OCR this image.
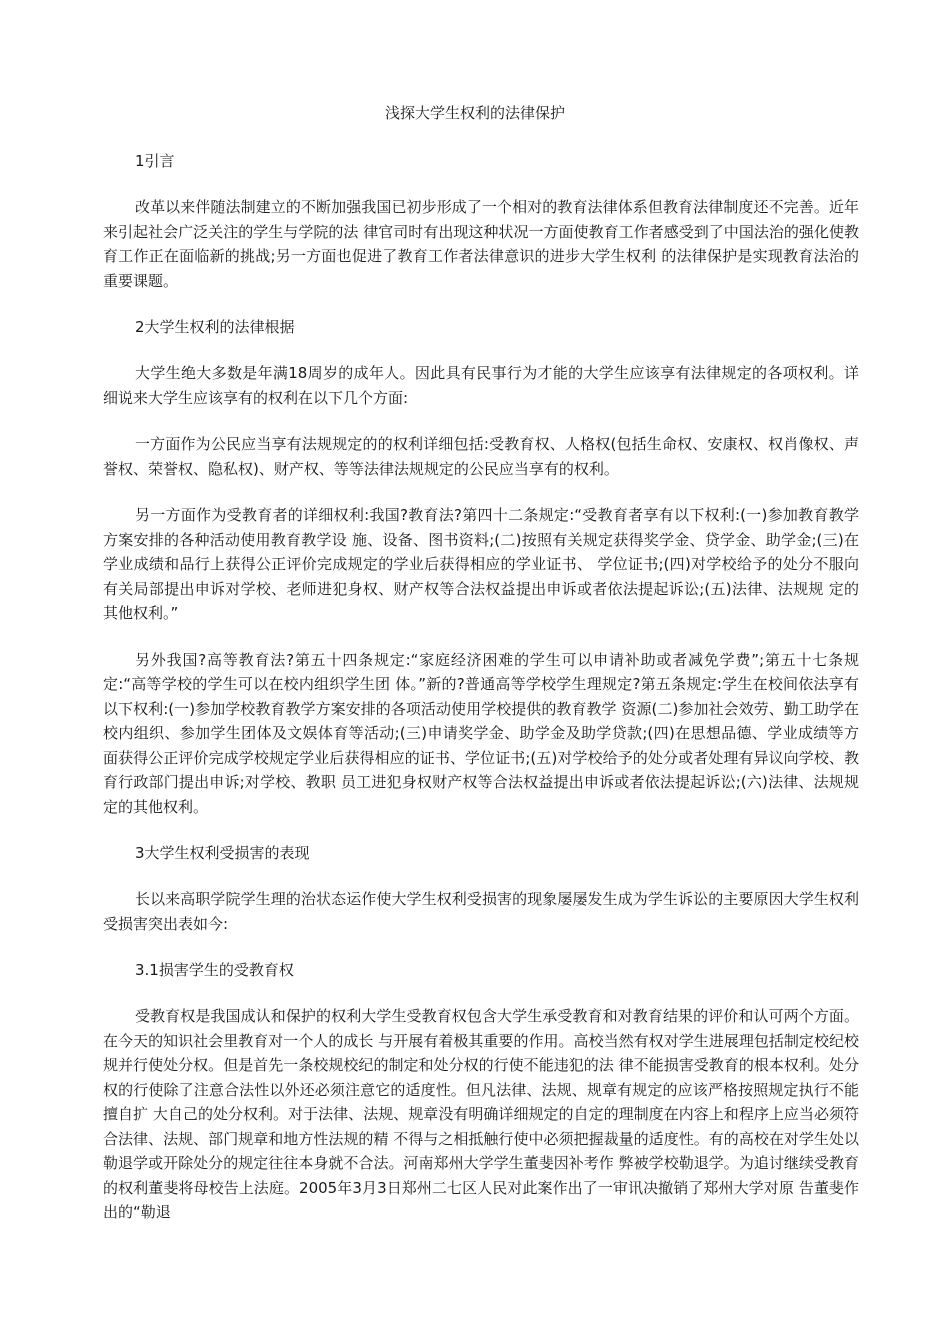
浅探大学生权利的法律保护

1引言

改革以来伴随法制建立的不断加强我国已初步形成了一个相对的教育法律体系但教育法律制度还不完善。近年来引起社会广泛关注的学生与学院的法 律官司时有出现这种状况一方面使教育工作者感受到了中国法治的强化使教育工作正在面临新的挑战;另一方面也促进了教育工作者法律意识的进步大学生权利 的法律保护是实现教育法治的重要课题。

2大学生权利的法律根据

大学生绝大多数是年满18周岁的成年人。因此具有民事行为才能的大学生应该享有法律规定的各项权利。详细说来大学生应该享有的权利在以下几个方面:

一方面作为公民应当享有法规规定的的权利详细包括:受教育权、人格权(包括生命权、安康权、权肖像权、声誉权、荣誉权、隐私权)、财产权、等等法律法规规定的公民应当享有的权利。

另一方面作为受教育者的详细权利:我国?教育法?第四十二条规定:“受教育者享有以下权利:(一)参加教育教学方案安排的各种活动使用教育教学设 施、设备、图书资料;(二)按照有关规定获得奖学金、贷学金、助学金;(三)在学业成绩和品行上获得公正评价完成规定的学业后获得相应的学业证书、 学位证书;(四)对学校给予的处分不服向有关局部提出申诉对学校、老师进犯身权、财产权等合法权益提出申诉或者依法提起诉讼;(五)法律、法规规 定的其他权利。”

另外我国?高等教育法?第五十四条规定:“家庭经济困难的学生可以申请补助或者减免学费”;第五十七条规定:“高等学校的学生可以在校内组织学生团 体。”新的?普通高等学校学生理规定?第五条规定:学生在校间依法享有以下权利:(一)参加学校教育教学方案安排的各项活动使用学校提供的教育教学 资源(二)参加社会效劳、勤工助学在校内组织、参加学生团体及文娱体育等活动;(三)申请奖学金、助学金及助学贷款;(四)在思想品德、学业成绩等方 面获得公正评价完成学校规定学业后获得相应的证书、学位证书;(五)对学校给予的处分或者处理有异议向学校、教育行政部门提出申诉;对学校、教职 员工进犯身权财产权等合法权益提出申诉或者依法提起诉讼;(六)法律、法规规定的其他权利。

3大学生权利受损害的表现

长以来高职学院学生理的治状态运作使大学生权利受损害的现象屡屡发生成为学生诉讼的主要原因大学生权利受损害突出表如今:

3.1损害学生的受教育权

受教育权是我国成认和保护的权利大学生受教育权包含大学生承受教育和对教育结果的评价和认可两个方面。在今天的知识社会里教育对一个人的成长 与开展有着极其重要的作用。高校当然有权对学生进展理包括制定校纪校规并行使处分权。但是首先一条校规校纪的制定和处分权的行使不能违犯的法 律不能损害受教育的根本权利。处分权的行使除了注意合法性以外还必须注意它的适度性。但凡法律、法规、规章有规定的应该严格按照规定执行不能擅自扩 大自己的处分权利。对于法律、法规、规章没有明确详细规定的自定的理制度在内容上和程序上应当必须符合法律、法规、部门规章和地方性法规的精 不得与之相抵触行使中必须把握裁量的适度性。有的高校在对学生处以勒退学或开除处分的规定往往本身就不合法。河南郑州大学学生董斐因补考作 弊被学校勒退学。为追讨继续受教育的权利董斐将母校告上法庭。2005年3月3日郑州二七区人民对此案作出了一审讯决撤销了郑州大学对原 告董斐作出的“勒退
